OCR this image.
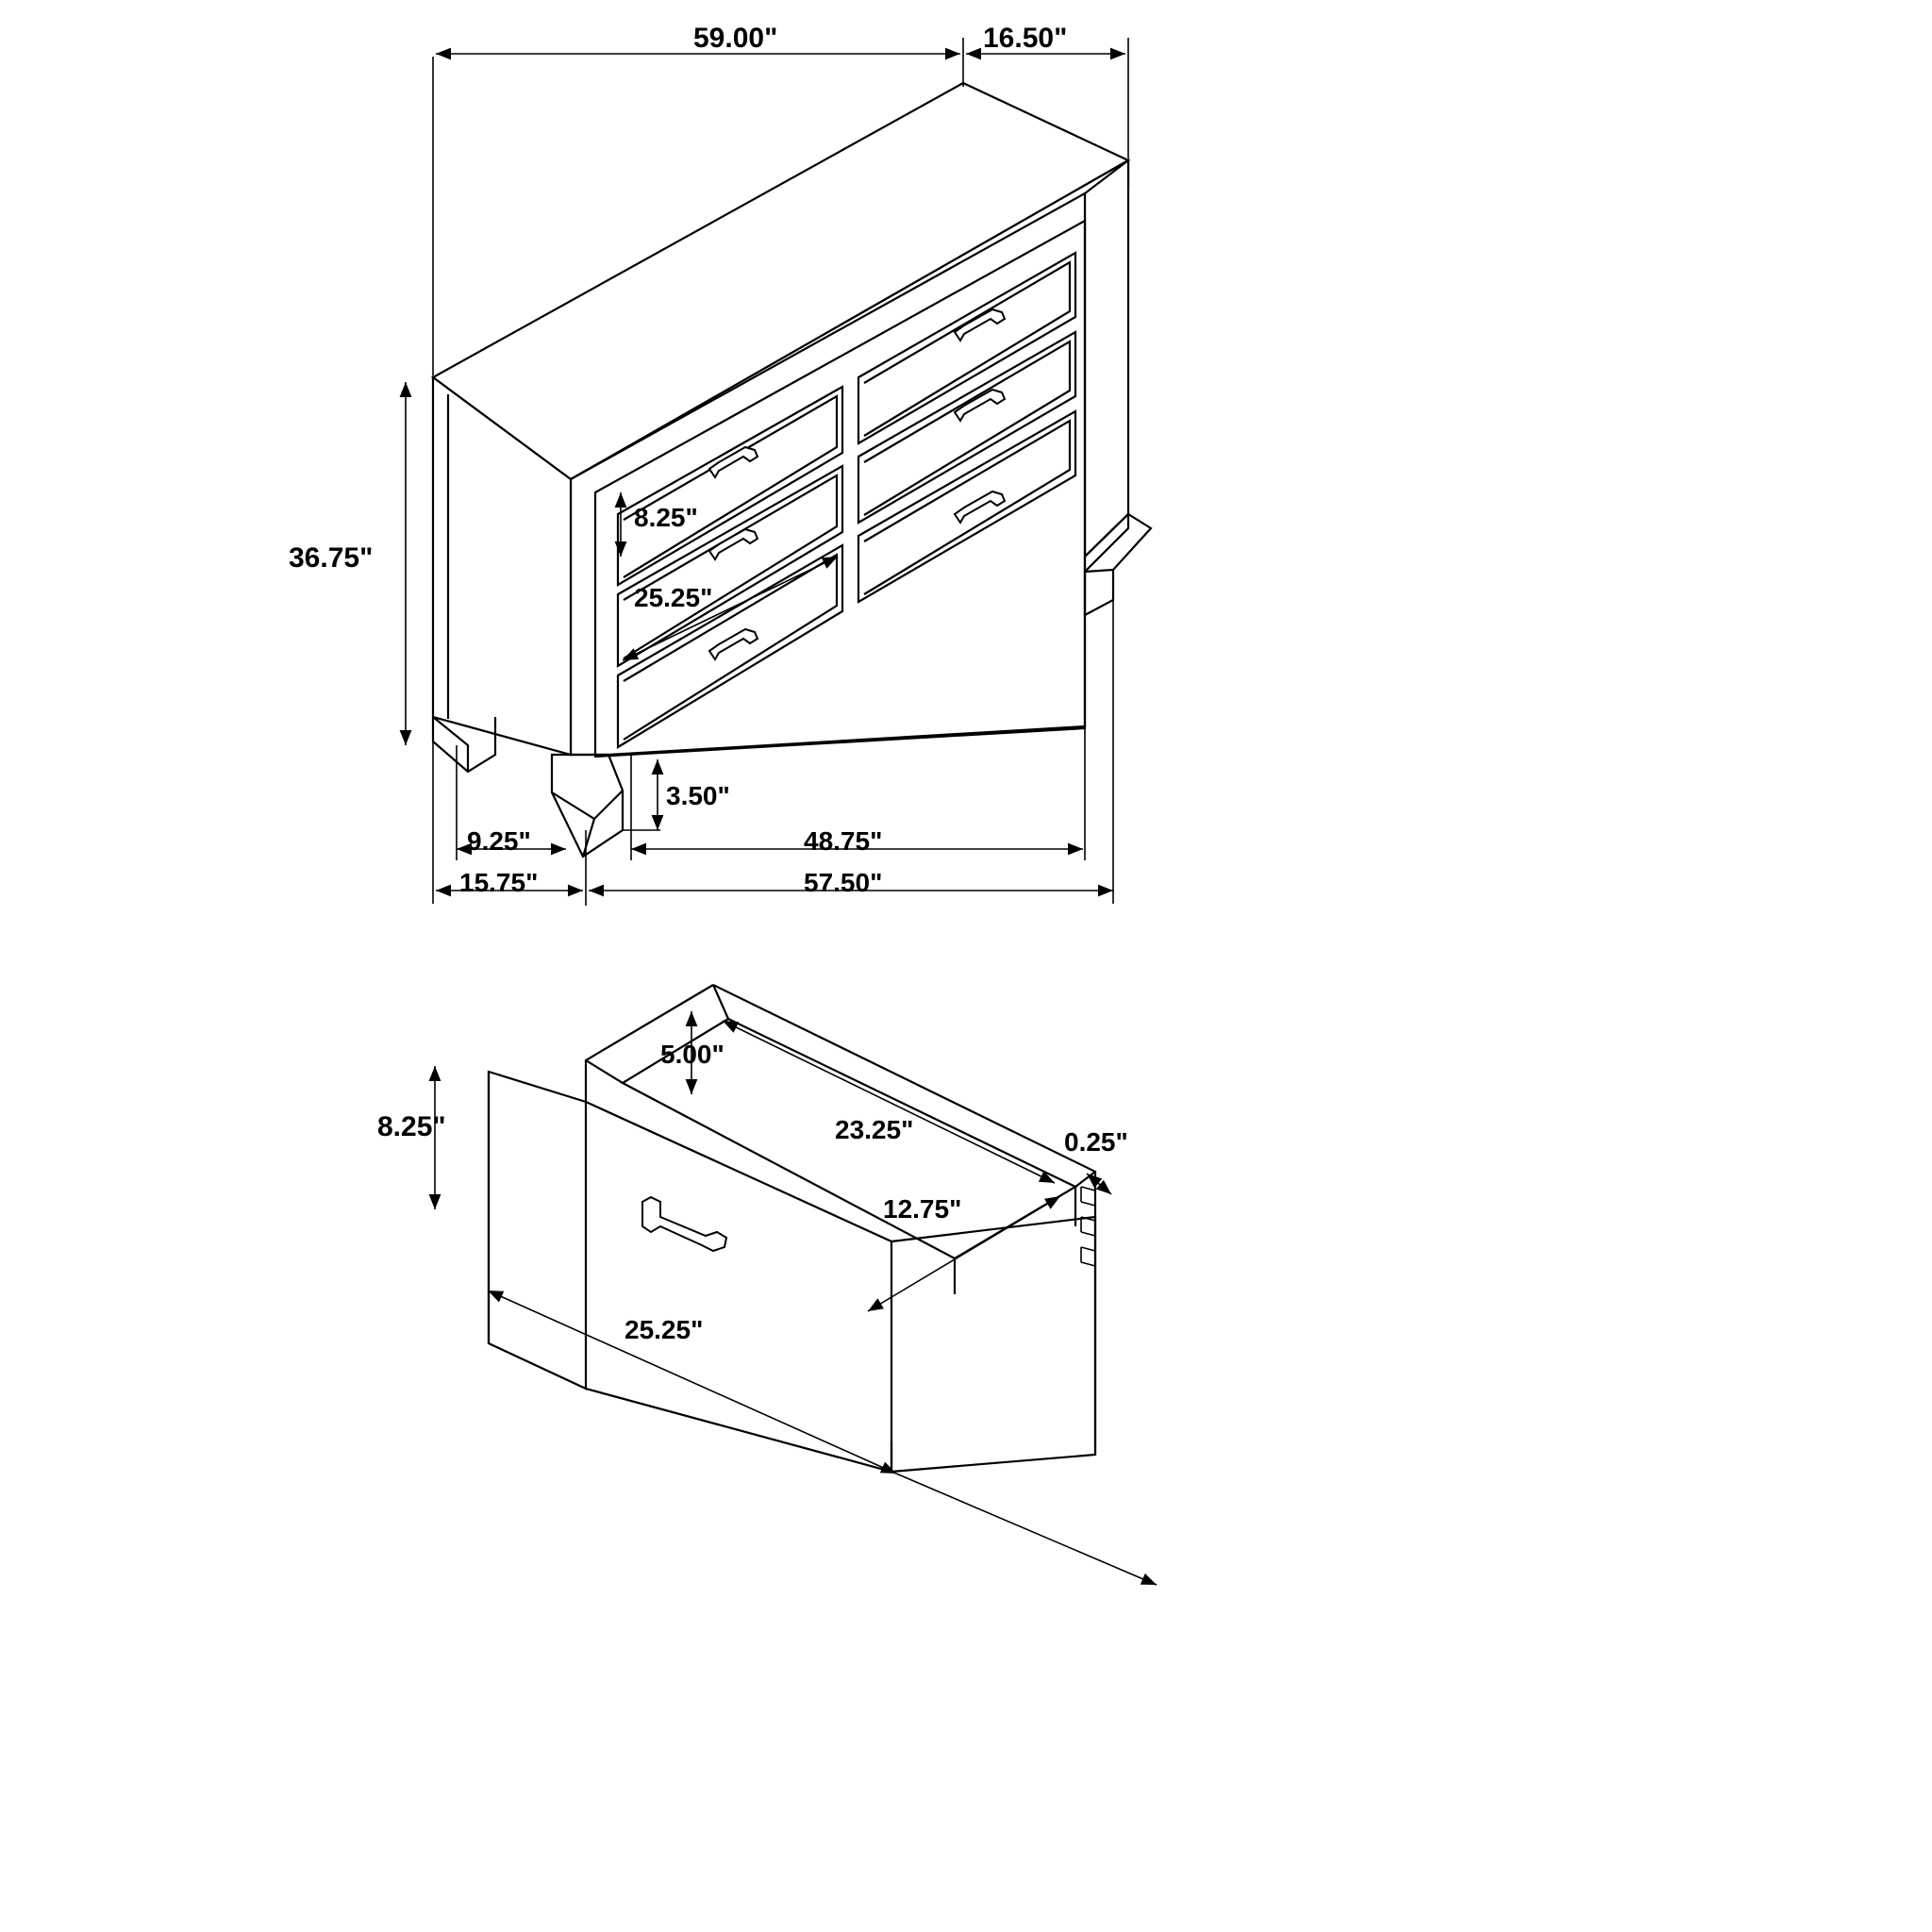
59.00"	16.50"
36.75"
8.25"
25.25"
3.50"
9.25"
15.75"
48.75"
57.50"
5.00"
8.25"	23.25"	0.25"
12.75"
25.25"
